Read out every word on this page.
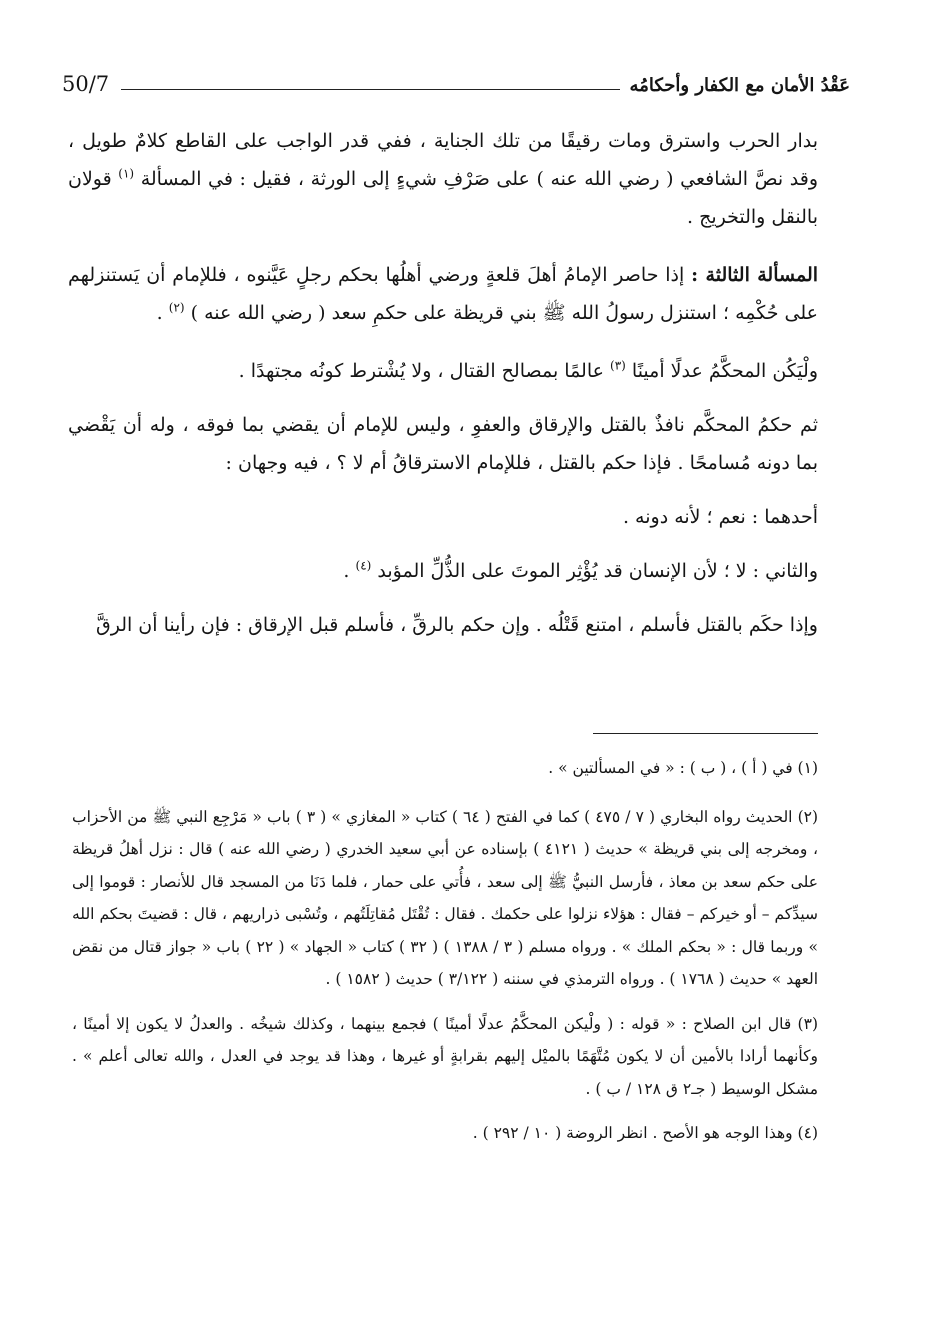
50/7	عَقْدُ الأمان مع الكفار وأحكامُه

بدار الحرب واسترق ومات رقيقًا من تلك الجناية ، ففي قدر الواجب على القاطع كلامٌ طويل ، وقد نصَّ الشافعي ( رضي الله عنه ) على صَرْفِ شيءٍ إلى الورثة ، فقيل : في المسألة $^{(١)}$ قولان بالنقل والتخريج .

المسألة الثالثة : إذا حاصر الإمامُ أهلَ قلعةٍ ورضي أهلُها بحكم رجلٍ عَيَّنوه ، فللإمام أن يَستنزلهم على حُكْمِه ؛ استنزل رسولُ الله ﷺ بني قريظة على حكمِ سعد ( رضي الله عنه ) $^{(٢)}$ .

ولْيَكُن المحكَّمُ عدلًا أمينًا $^{(٣)}$ عالمًا بمصالح القتال ، ولا يُشْترط كونُه مجتهدًا .

ثم حكمُ المحكَّم نافذٌ بالقتل والإرقاق والعفوِ ، وليس للإمام أن يقضي بما فوقه ، وله أن يَقْضي بما دونه مُسامحًا . فإذا حكم بالقتل ، فللإمام الاسترقاقُ أم لا ؟ ، فيه وجهان :

أحدهما : نعم ؛ لأنه دونه .

والثاني : لا ؛ لأن الإنسان قد يُؤْثِر الموتَ على الذُّلِّ المؤبد $^{(٤)}$ .

وإذا حكَم بالقتل فأسلم ، امتنع قَتْلُه . وإن حكم بالرقِّ ، فأسلم قبل الإرقاق : فإن رأينا أن الرقَّ

(١) في ( أ ) ، ( ب ) : « في المسألتين » .

(٢) الحديث رواه البخاري ( ٧ / ٤٧٥ ) كما في الفتح ( ٦٤ ) كتاب « المغازي » ( ٣ ) باب « مَرْجِع النبي ﷺ من الأحزاب ، ومخرجه إلى بني قريظة » حديث ( ٤١٢١ ) بإسناده عن أبي سعيد الخدري ( رضي الله عنه ) قال : نزل أهلُ قريظة على حكم سعد بن معاذ ، فأرسل النبيُّ ﷺ إلى سعد ، فأُتي على حمار ، فلما دَنَا من المسجد قال للأنصار : قوموا إلى سيدِّكم – أو خيركم – فقال : هؤلاء نزلوا على حكمك . فقال : تُقْتَل مُقاتِلَتُهم ، وتُسْبى ذراريهم ، قال : قضيتَ بحكم الله » وربما قال : « بحكم الملك » . ورواه مسلم ( ٣ / ١٣٨٨ ) ( ٣٢ ) كتاب « الجهاد » ( ٢٢ ) باب « جواز قتال من نقض العهد » حديث ( ١٧٦٨ ) . ورواه الترمذي في سننه ( ٣/١٢٢ ) حديث ( ١٥٨٢ ) .

(٣) قال ابن الصلاح : « قوله : ( ولْيكن المحكَّمُ عدلًا أمينًا ) فجمع بينهما ، وكذلك شيخُه . والعدلُ لا يكون إلا أمينًا ، وكأنهما أرادا بالأمين أن لا يكون مُتَّهَمًا بالميْل إليهم بقرابةٍ أو غيرها ، وهذا قد يوجد في العدل ، والله تعالى أعلم » . مشكل الوسيط ( جـ٢ ق ١٢٨ / ب ) .

(٤) وهذا الوجه هو الأصح . انظر الروضة ( ١٠ / ٢٩٢ ) .
